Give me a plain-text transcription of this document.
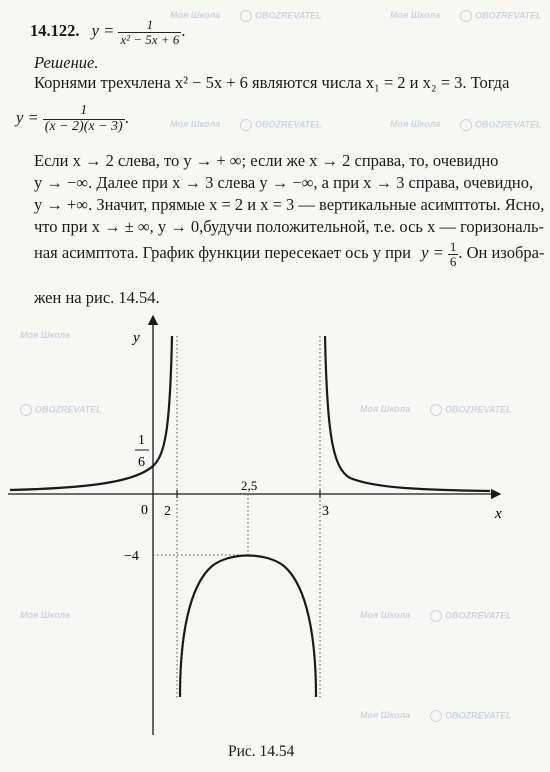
Моя Школа	OBOZREVATEL	Моя Школа	OBOZREVATEL
Моя Школа	OBOZREVATEL	Моя Школа	OBOZREVATEL
Моя Школа
OBOZREVATEL	Моя Школа	OBOZREVATEL
Моя Школа	Моя Школа	OBOZREVATEL
Моя Школа	OBOZREVATEL
14.122. $y = \frac{1}{\text{x² − 5x + 6}}$ .
Решение.
Корнями трехчлена x² − 5x + 6 являются числа x₁ = 2 и x₂ = 3. Тогда
$y = \frac{1}{(x - 2)(x - 3)}$ .
Если x → 2 слева, то y → + ∞; если же x → 2 справа, то, очевидно
y → −∞. Далее при x → 3 слева y → −∞, а при x → 3 справа, очевидно,
y → +∞. Значит, прямые x = 2 и x = 3 — вертикальные асимптоты. Ясно,
что при x → ± ∞, y → 0,будучи положительной, т.е. ось x — горизональ-
ная асимптота. График функции пересекает ось y при $y = \frac{1}{6}$ . Он изобра-
жен на рис. 14.54.
y
x
0 2
2,5
3
−4
1
6
Рис. 14.54
